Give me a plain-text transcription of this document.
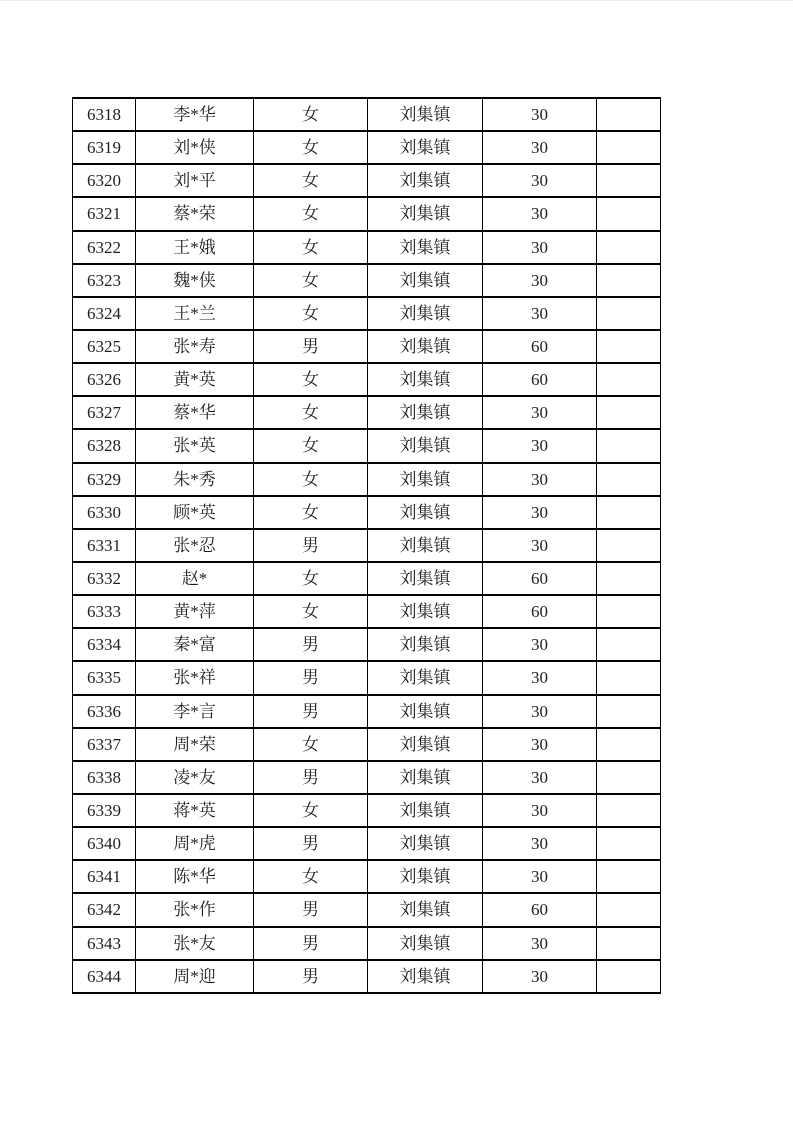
6318	李*华	女	刘集镇	30	
6319	刘*侠	女	刘集镇	30	
6320	刘*平	女	刘集镇	30	
6321	蔡*荣	女	刘集镇	30	
6322	王*娥	女	刘集镇	30	
6323	魏*侠	女	刘集镇	30	
6324	王*兰	女	刘集镇	30	
6325	张*寿	男	刘集镇	60	
6326	黄*英	女	刘集镇	60	
6327	蔡*华	女	刘集镇	30	
6328	张*英	女	刘集镇	30	
6329	朱*秀	女	刘集镇	30	
6330	顾*英	女	刘集镇	30	
6331	张*忍	男	刘集镇	30	
6332	赵*	女	刘集镇	60	
6333	黄*萍	女	刘集镇	60	
6334	秦*富	男	刘集镇	30	
6335	张*祥	男	刘集镇	30	
6336	李*言	男	刘集镇	30	
6337	周*荣	女	刘集镇	30	
6338	凌*友	男	刘集镇	30	
6339	蒋*英	女	刘集镇	30	
6340	周*虎	男	刘集镇	30	
6341	陈*华	女	刘集镇	30	
6342	张*作	男	刘集镇	60	
6343	张*友	男	刘集镇	30	
6344	周*迎	男	刘集镇	30	
